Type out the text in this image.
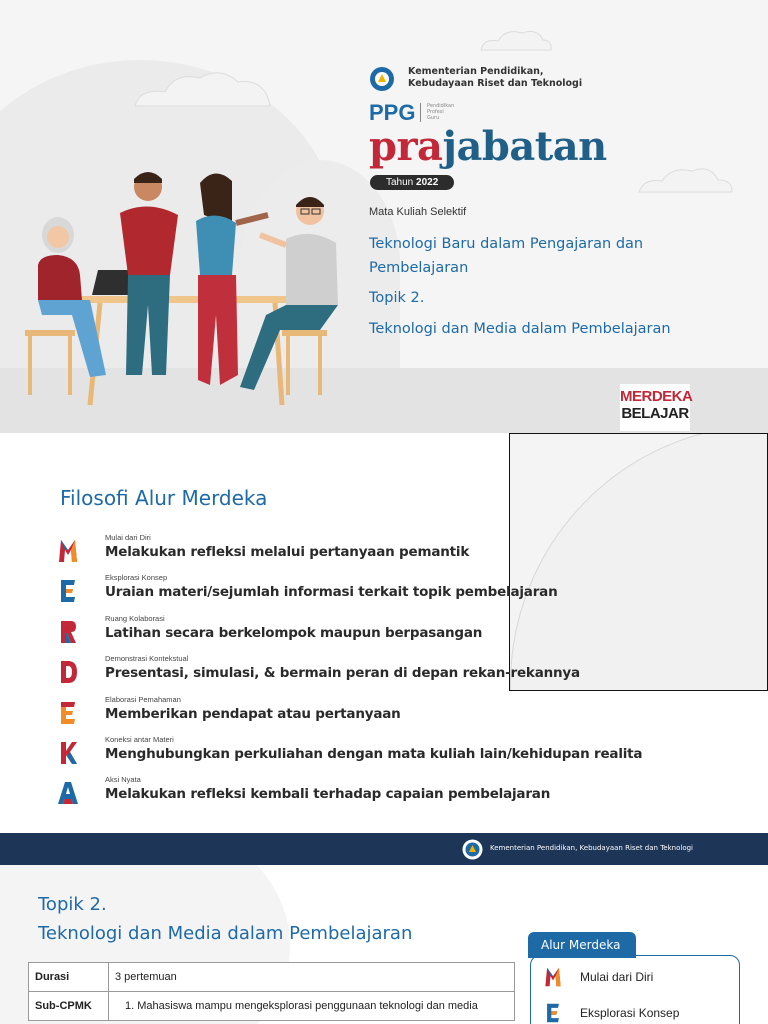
Kementerian Pendidikan,
Kebudayaan Riset dan Teknologi
PPG Pendidikan
Profesi
Guru
prajabatan
Tahun 2022
Mata Kuliah Selektif
Teknologi Baru dalam Pengajaran dan Pembelajaran
Topik 2.
Teknologi dan Media dalam Pembelajaran
MERDEKA
BELAJAR
Filosofi Alur Merdeka
Mulai dari Diri
Melakukan refleksi melalui pertanyaan pemantik
Eksplorasi Konsep
Uraian materi/sejumlah informasi terkait topik pembelajaran
Ruang Kolaborasi
Latihan secara berkelompok maupun berpasangan
Demonstrasi Kontekstual
Presentasi, simulasi, & bermain peran di depan rekan-rekannya
Elaborasi Pemahaman
Memberikan pendapat atau pertanyaan
Koneksi antar Materi
Menghubungkan perkuliahan dengan mata kuliah lain/kehidupan realita
Aksi Nyata
Melakukan refleksi kembali terhadap capaian pembelajaran
Kementerian Pendidikan, Kebudayaan Riset dan Teknologi
Topik 2.
Teknologi dan Media dalam Pembelajaran
Durasi	3 pertemuan
Sub-CPMK	1. Mahasiswa mampu mengeksplorasi penggunaan teknologi dan media
Alur Merdeka
Mulai dari Diri
Eksplorasi Konsep
